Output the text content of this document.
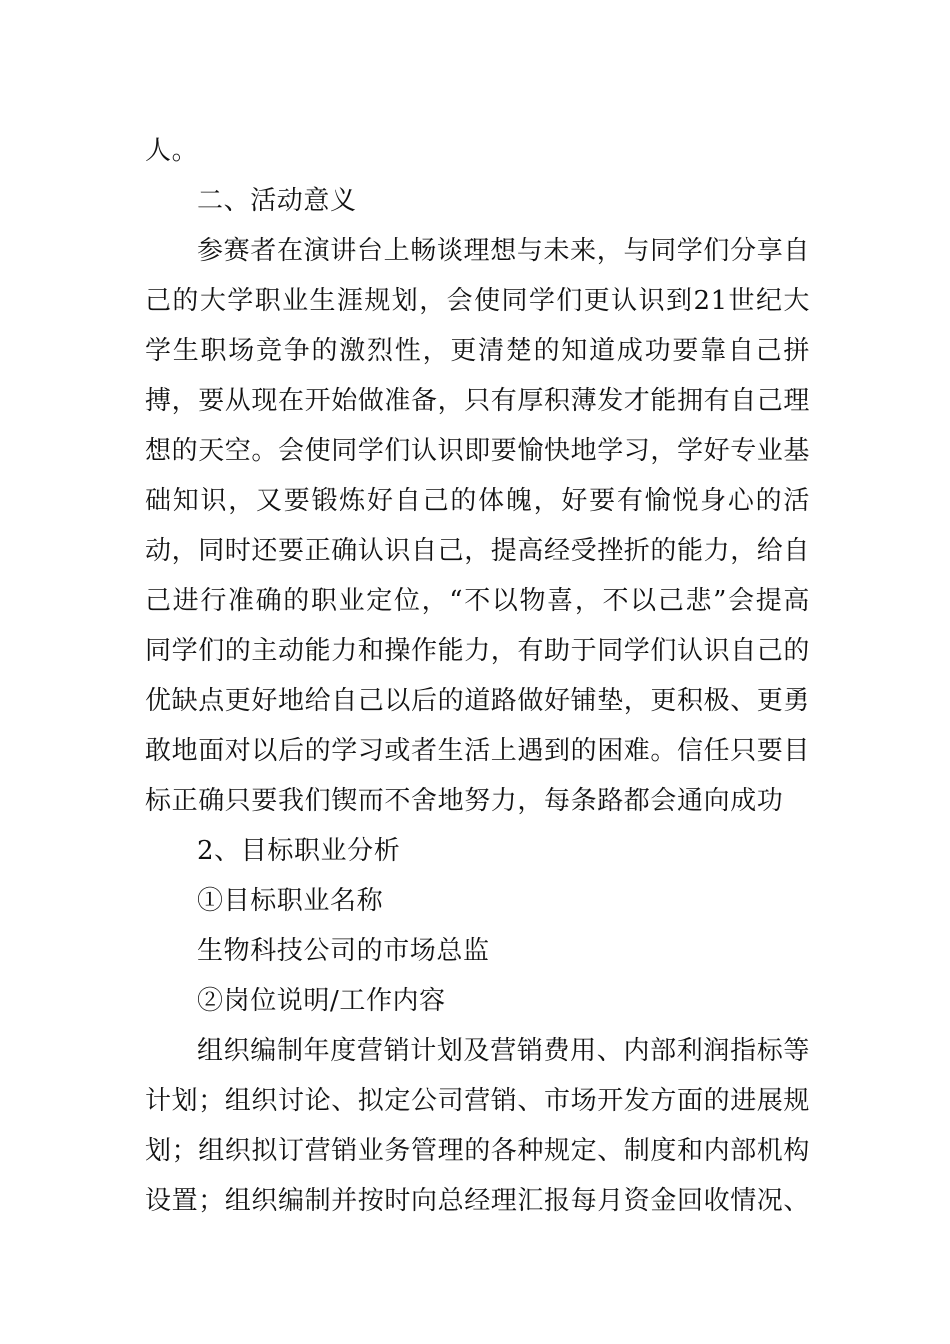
人。

二、活动意义

参赛者在演讲台上畅谈理想与未来，与同学们分享自己的大学职业生涯规划，会使同学们更认识到21世纪大学生职场竞争的激烈性，更清楚的知道成功要靠自己拼搏，要从现在开始做准备，只有厚积薄发才能拥有自己理想的天空。会使同学们认识即要愉快地学习，学好专业基础知识，又要锻炼好自己的体魄，好要有愉悦身心的活动，同时还要正确认识自己，提高经受挫折的能力，给自己进行准确的职业定位，“不以物喜，不以己悲”会提高同学们的主动能力和操作能力，有助于同学们认识自己的优缺点更好地给自己以后的道路做好铺垫，更积极、更勇敢地面对以后的学习或者生活上遇到的困难。信任只要目标正确只要我们锲而不舍地努力，每条路都会通向成功

2、目标职业分析

①目标职业名称

生物科技公司的市场总监

②岗位说明/工作内容

组织编制年度营销计划及营销费用、内部利润指标等计划；组织讨论、拟定公司营销、市场开发方面的进展规划；组织拟订营销业务管理的各种规定、制度和内部机构设置；组织编制并按时向总经理汇报每月资金回收情况、
